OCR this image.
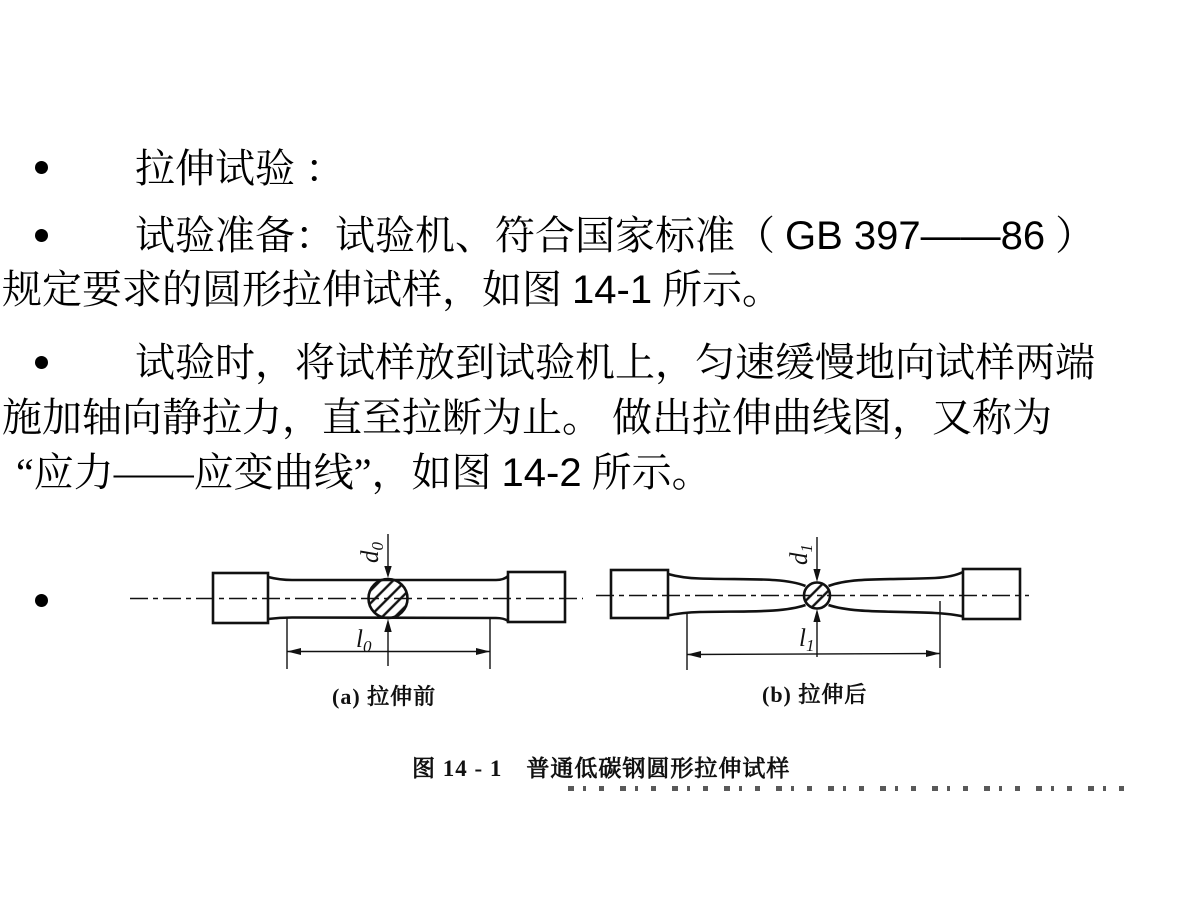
拉伸试验 ：
试验准备：试验机、符合国家标准（ GB 397——86 ）
规定要求的圆形拉伸试样，如图 14-1 所示。
试验时，将试样放到试验机上，匀速缓慢地向试样两端
施加轴向静拉力，直至拉断为止。 做出拉伸曲线图，又称为
“应力——应变曲线”，如图 14-2 所示。
$d_0$
$l_0$
(a) 拉伸前
$d_1$
$l_1$
(b) 拉伸后
图 14 - 1　普通低碳钢圆形拉伸试样
